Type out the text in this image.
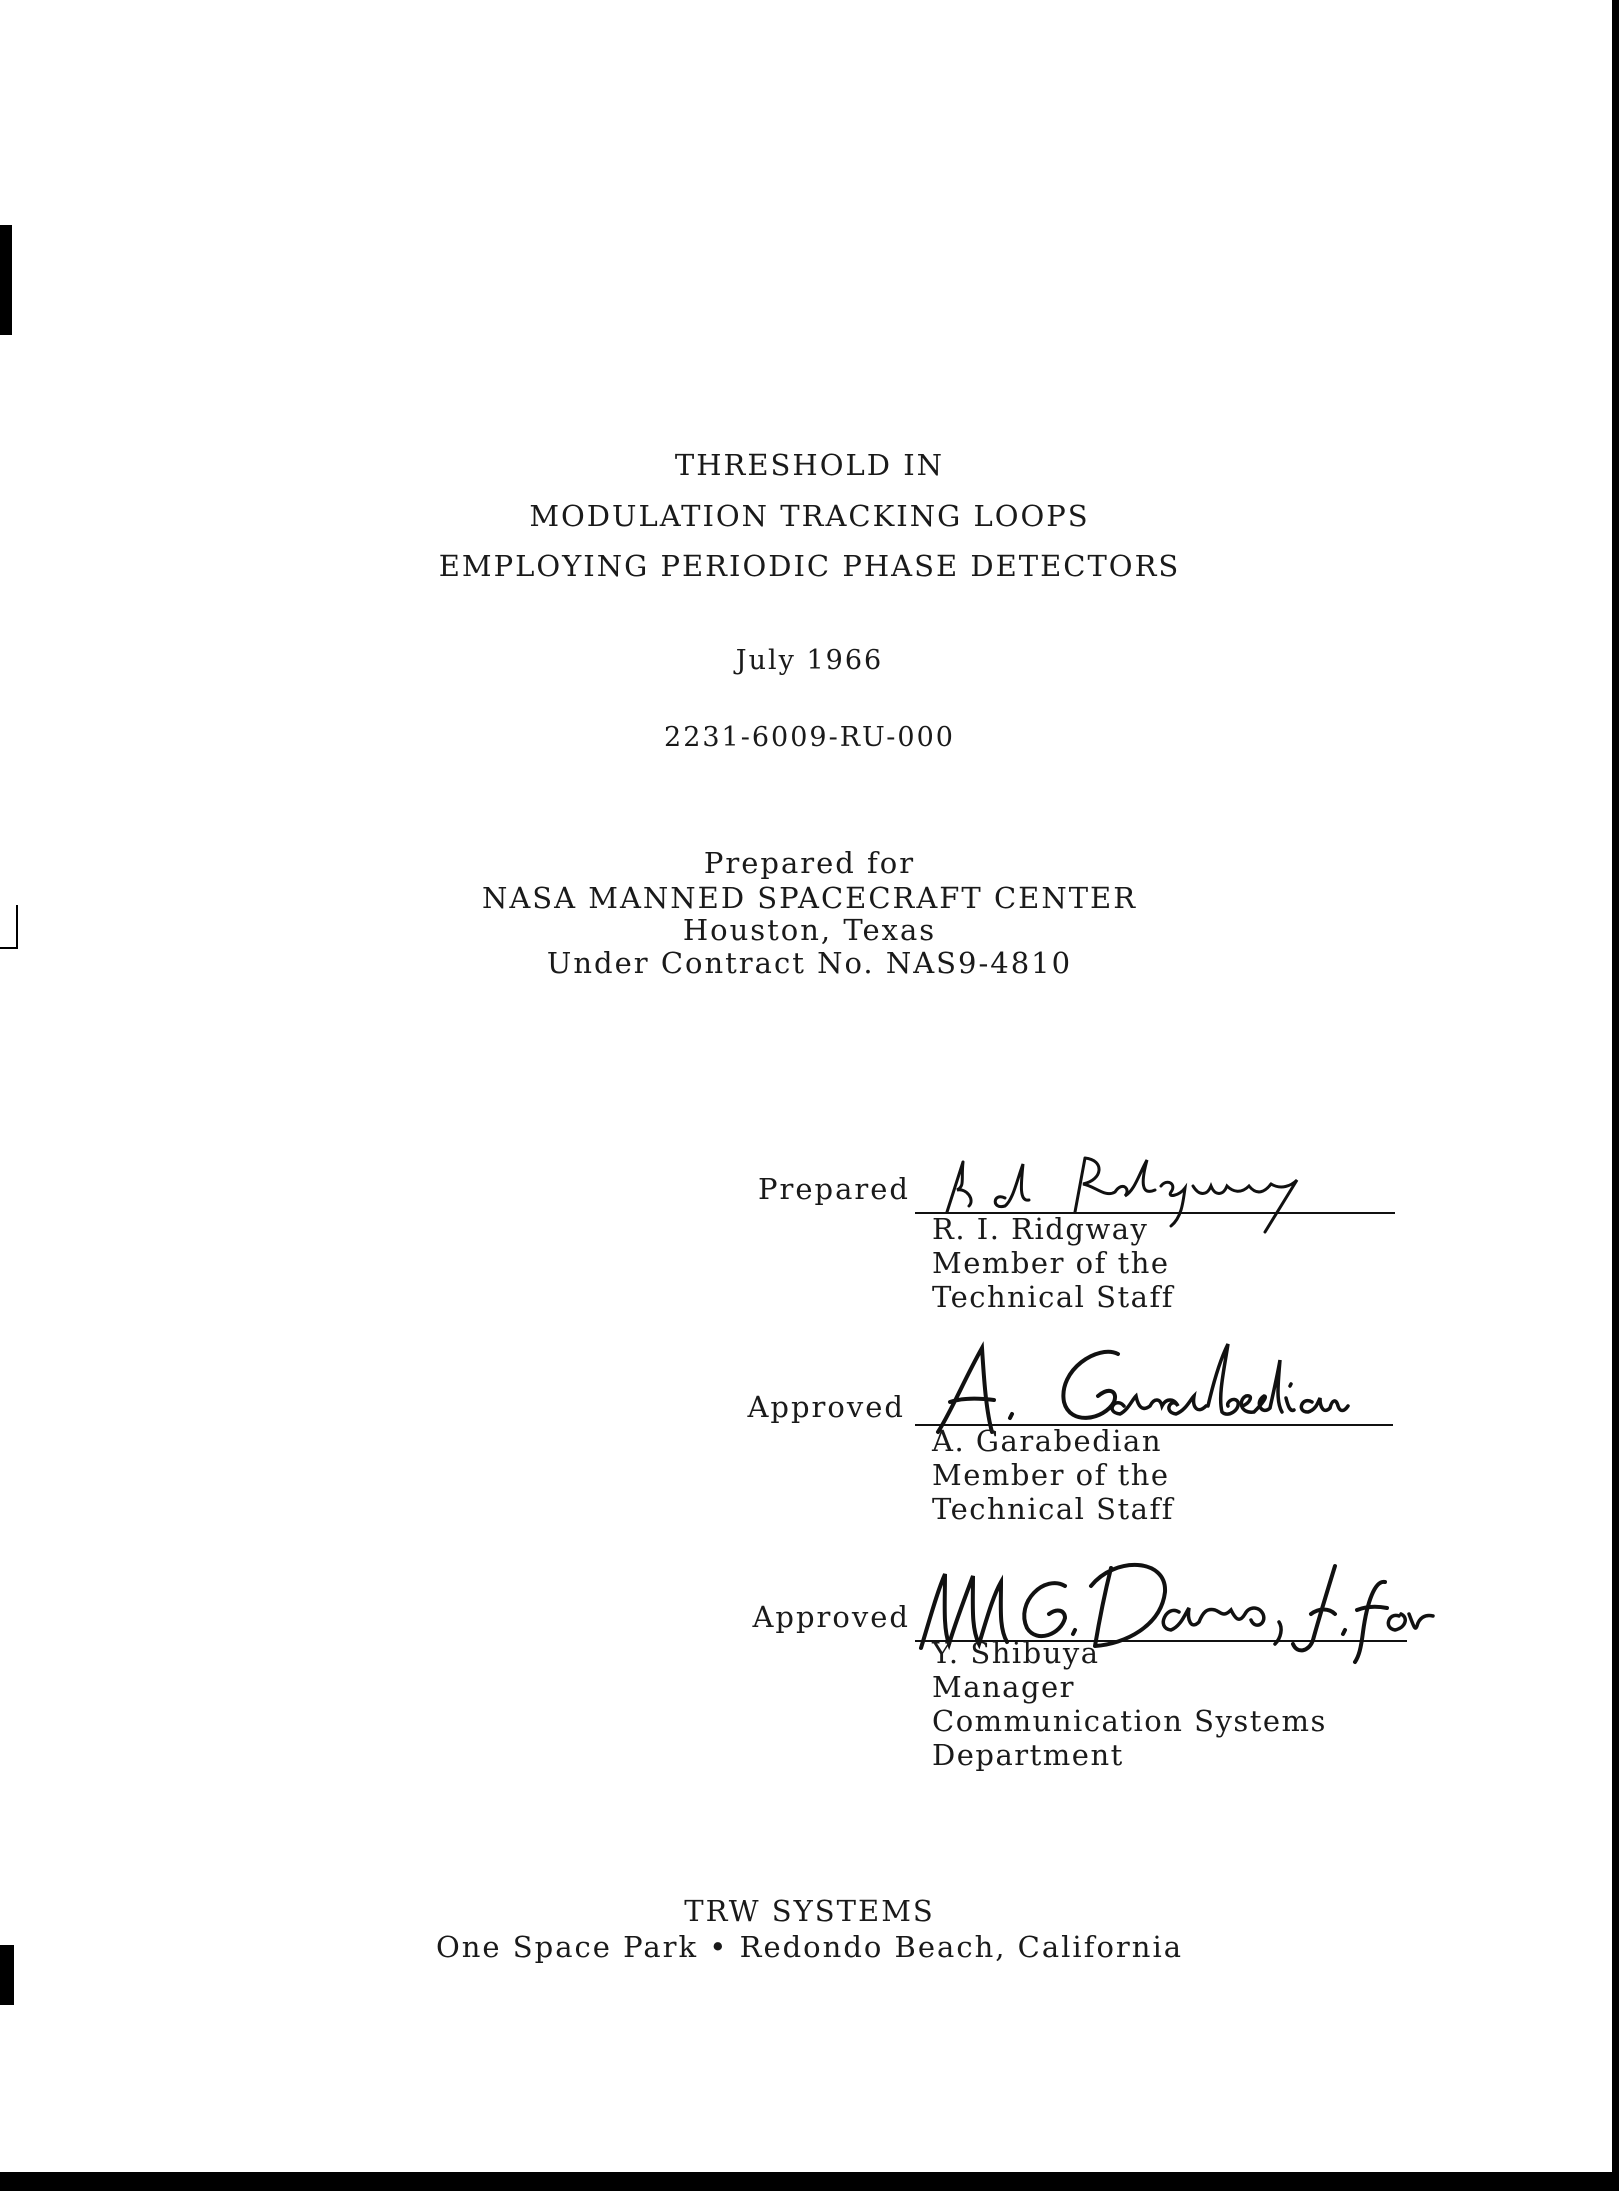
THRESHOLD IN
MODULATION TRACKING LOOPS
EMPLOYING PERIODIC PHASE DETECTORS
July 1966
2231-6009-RU-000
Prepared for
NASA MANNED SPACECRAFT CENTER
Houston, Texas
Under Contract No. NAS9-4810
Prepared
R. I. Ridgway
Member of the
Technical Staff
Approved
A. Garabedian
Member of the
Technical Staff
Approved
Y. Shibuya
Manager
Communication Systems
Department
TRW SYSTEMS
One Space Park • Redondo Beach, California
